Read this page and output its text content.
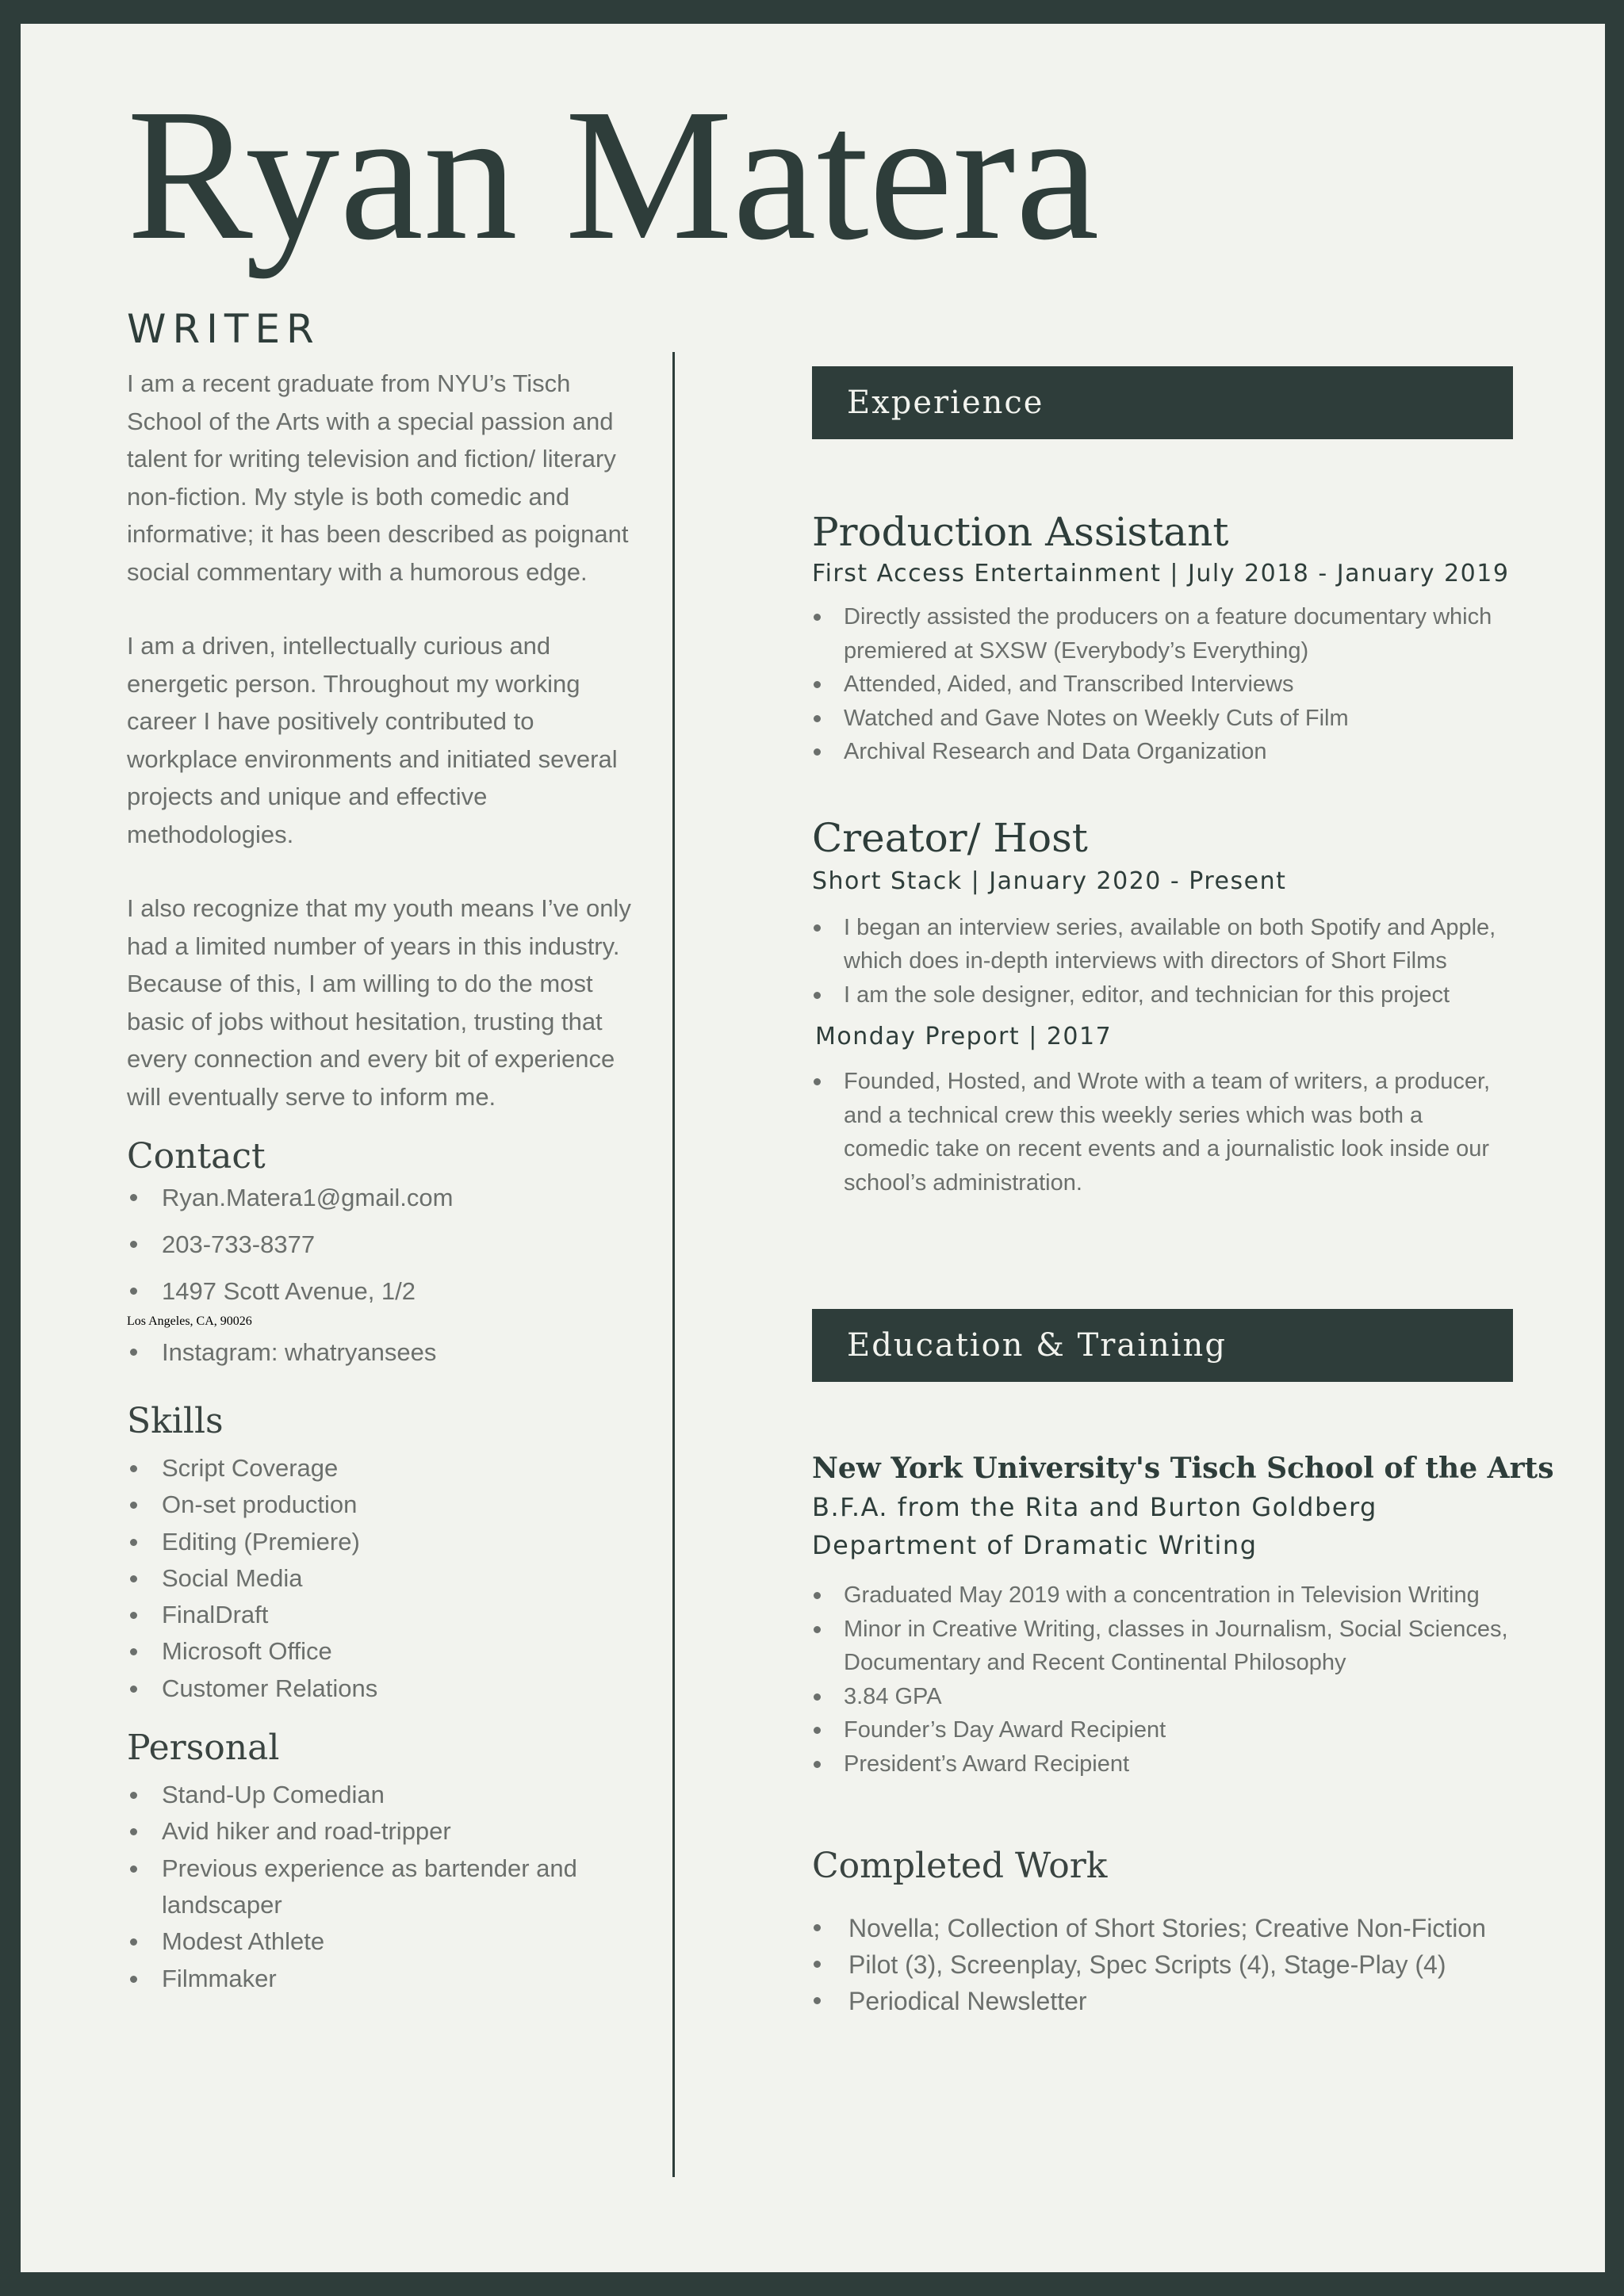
Ryan Matera
WRITER

I am a recent graduate from NYU’s Tisch School of the Arts with a special passion and talent for writing television and fiction/ literary non-fiction. My style is both comedic and informative; it has been described as poignant social commentary with a humorous edge.

I am a driven, intellectually curious and energetic person. Throughout my working career I have positively contributed to workplace environments and initiated several projects and unique and effective methodologies.

I also recognize that my youth means I’ve only had a limited number of years in this industry. Because of this, I am willing to do the most basic of jobs without hesitation, trusting that every connection and every bit of experience will eventually serve to inform me.

Contact
Ryan.Matera1@gmail.com
203-733-8377
1497 Scott Avenue, 1/2
Los Angeles, CA, 90026
Instagram: whatryansees
Skills
Script Coverage
On-set production
Editing (Premiere)
Social Media
FinalDraft
Microsoft Office
Customer Relations
Personal
Stand-Up Comedian
Avid hiker and road-tripper
Previous experience as bartender and landscaper
Modest Athlete
Filmmaker
Experience
Production Assistant
First Access Entertainment | July 2018 - January 2019
Directly assisted the producers on a feature documentary which premiered at SXSW (Everybody’s Everything)
Attended, Aided, and Transcribed Interviews
Watched and Gave Notes on Weekly Cuts of Film
Archival Research and Data Organization
Creator/ Host
Short Stack | January 2020 - Present
I began an interview series, available on both Spotify and Apple, which does in-depth interviews with directors of Short Films
I am the sole designer, editor, and technician for this project
Monday Preport | 2017
Founded, Hosted, and Wrote with a team of writers, a producer, and a technical crew this weekly series which was both a comedic take on recent events and a journalistic look inside our school’s administration.
Education & Training
New York University's Tisch School of the Arts
B.F.A. from the Rita and Burton Goldberg
Department of Dramatic Writing
Graduated May 2019 with a concentration in Television Writing
Minor in Creative Writing, classes in Journalism, Social Sciences, Documentary and Recent Continental Philosophy
3.84 GPA
Founder’s Day Award Recipient
President’s Award Recipient
Completed Work
Novella; Collection of Short Stories; Creative Non-Fiction
Pilot (3), Screenplay, Spec Scripts (4), Stage-Play (4)
Periodical Newsletter
